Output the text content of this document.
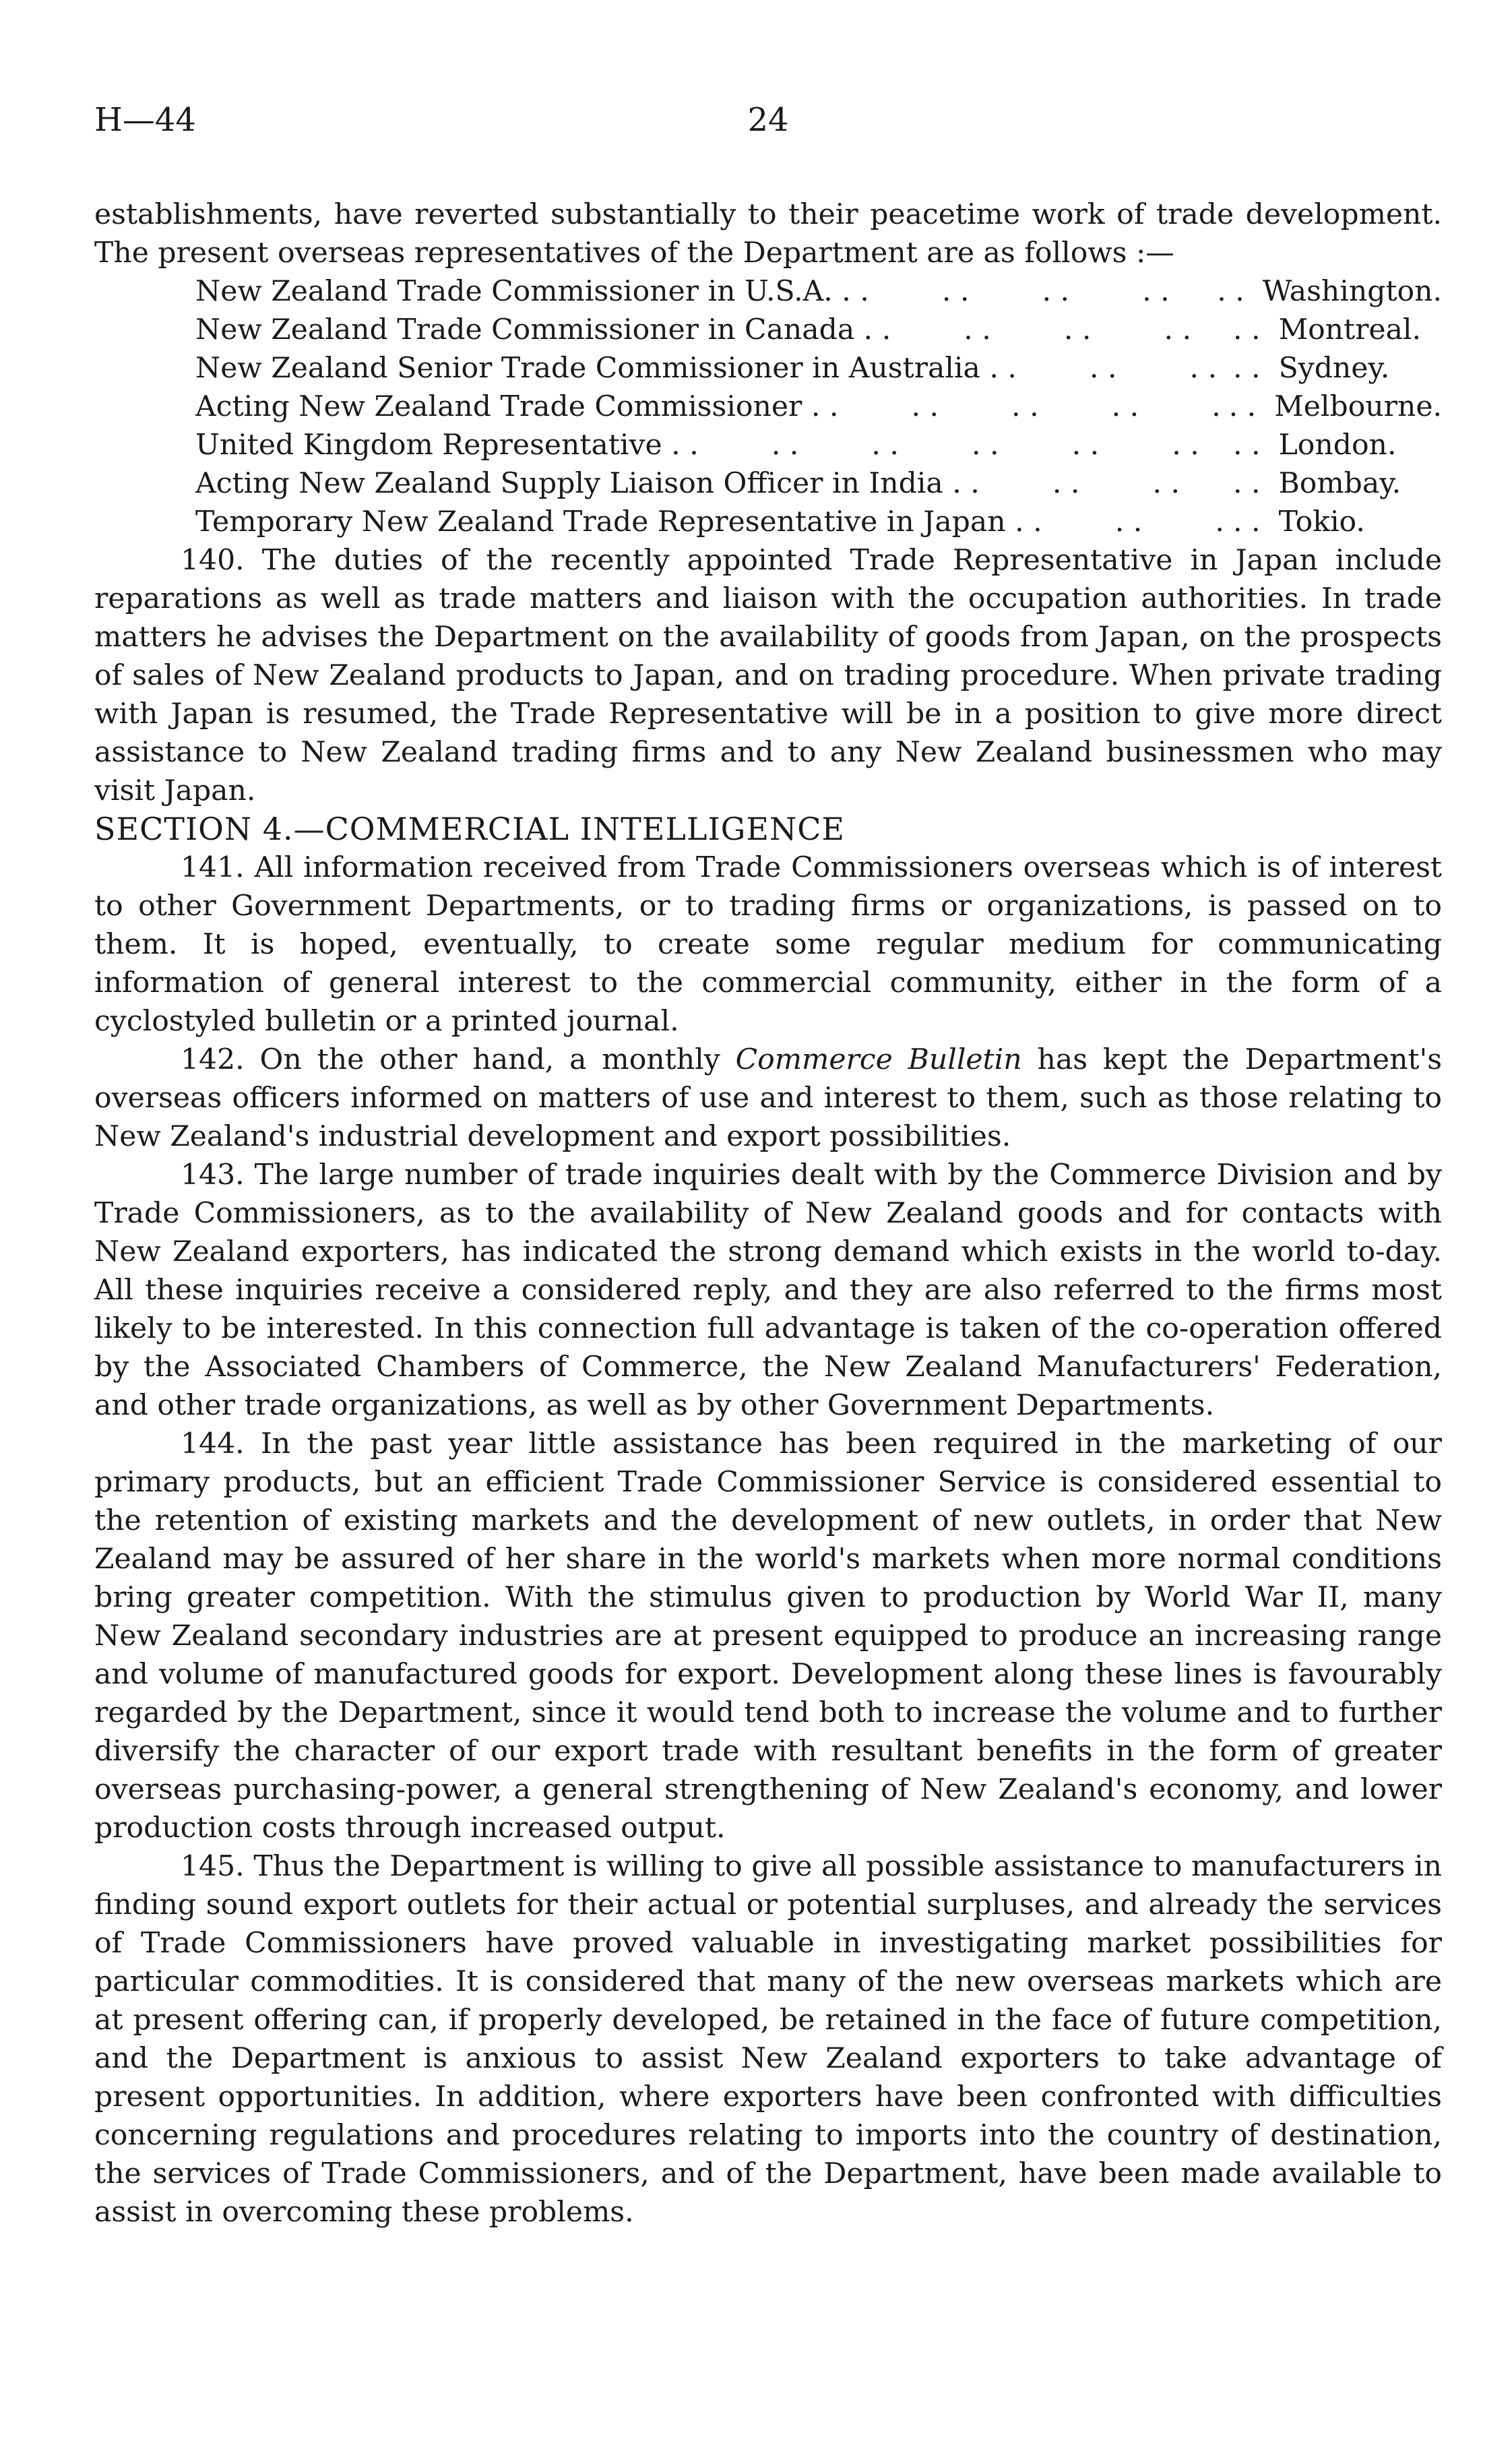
H—44	24

establishments, have reverted substantially to their peacetime work of trade development. The present overseas representatives of the Department are as follows :—

New Zealand Trade Commissioner in U.S.A. . .	. . Washington.
New Zealand Trade Commissioner in Canada . .	. . Montreal.
New Zealand Senior Trade Commissioner in Australia . .	. . Sydney.
Acting New Zealand Trade Commissioner . .	. . Melbourne.
United Kingdom Representative . .	. . London.
Acting New Zealand Supply Liaison Officer in India . .	. . Bombay.
Temporary New Zealand Trade Representative in Japan . .	. . Tokio.

140. The duties of the recently appointed Trade Representative in Japan include reparations as well as trade matters and liaison with the occupation authorities. In trade matters he advises the Department on the availability of goods from Japan, on the prospects of sales of New Zealand products to Japan, and on trading procedure. When private trading with Japan is resumed, the Trade Representative will be in a position to give more direct assistance to New Zealand trading firms and to any New Zealand businessmen who may visit Japan.

SECTION 4.—COMMERCIAL INTELLIGENCE

141. All information received from Trade Commissioners overseas which is of interest to other Government Departments, or to trading firms or organizations, is passed on to them. It is hoped, eventually, to create some regular medium for communicating information of general interest to the commercial community, either in the form of a cyclostyled bulletin or a printed journal.

142. On the other hand, a monthly Commerce Bulletin has kept the Department's overseas officers informed on matters of use and interest to them, such as those relating to New Zealand's industrial development and export possibilities.

143. The large number of trade inquiries dealt with by the Commerce Division and by Trade Commissioners, as to the availability of New Zealand goods and for contacts with New Zealand exporters, has indicated the strong demand which exists in the world to-day. All these inquiries receive a considered reply, and they are also referred to the firms most likely to be interested. In this connection full advantage is taken of the co-operation offered by the Associated Chambers of Commerce, the New Zealand Manufacturers' Federation, and other trade organizations, as well as by other Government Departments.

144. In the past year little assistance has been required in the marketing of our primary products, but an efficient Trade Commissioner Service is considered essential to the retention of existing markets and the development of new outlets, in order that New Zealand may be assured of her share in the world's markets when more normal conditions bring greater competition. With the stimulus given to production by World War II, many New Zealand secondary industries are at present equipped to produce an increasing range and volume of manufactured goods for export. Development along these lines is favourably regarded by the Department, since it would tend both to increase the volume and to further diversify the character of our export trade with resultant benefits in the form of greater overseas purchasing-power, a general strengthening of New Zealand's economy, and lower production costs through increased output.

145. Thus the Department is willing to give all possible assistance to manufacturers in finding sound export outlets for their actual or potential surpluses, and already the services of Trade Commissioners have proved valuable in investigating market possibilities for particular commodities. It is considered that many of the new overseas markets which are at present offering can, if properly developed, be retained in the face of future competition, and the Department is anxious to assist New Zealand exporters to take advantage of present opportunities. In addition, where exporters have been confronted with difficulties concerning regulations and procedures relating to imports into the country of destination, the services of Trade Commissioners, and of the Department, have been made available to assist in overcoming these problems.
